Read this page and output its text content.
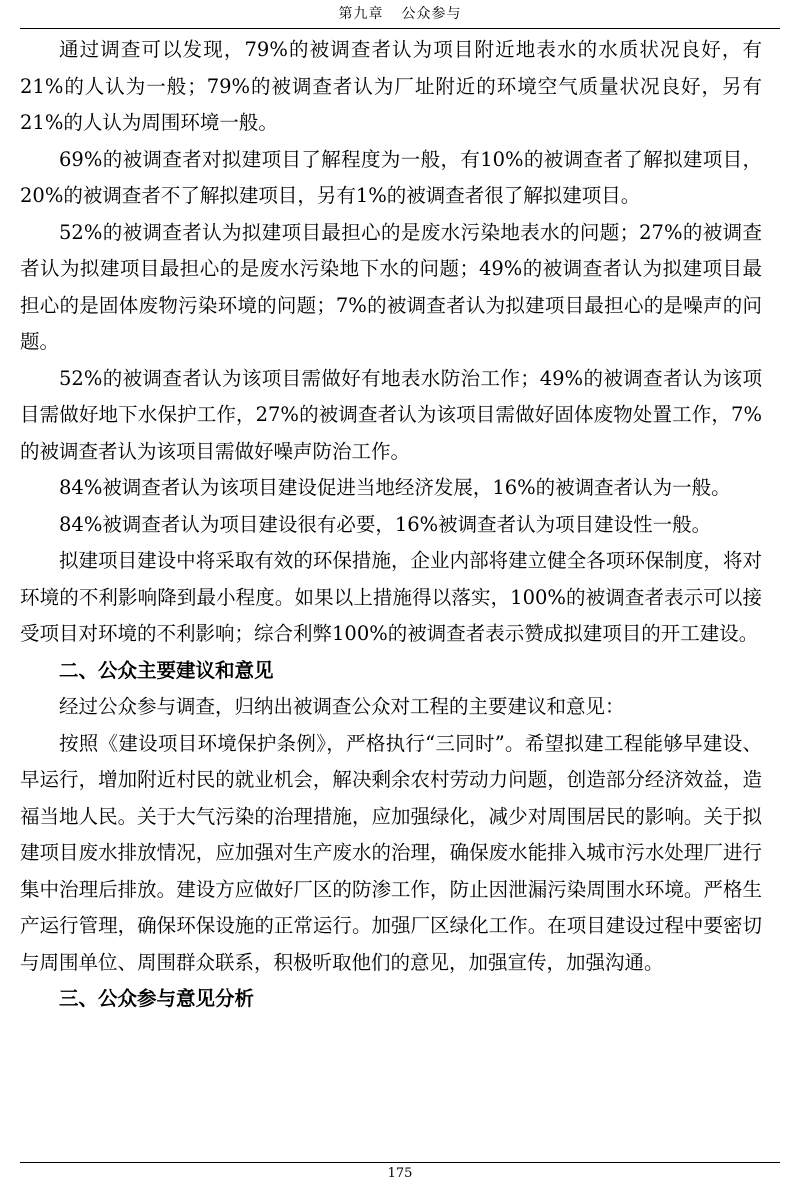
第九章 公众参与

通过调查可以发现，79%的被调查者认为项目附近地表水的水质状况良好，有21%的人认为一般；79%的被调查者认为厂址附近的环境空气质量状况良好，另有21%的人认为周围环境一般。

69%的被调查者对拟建项目了解程度为一般，有10%的被调查者了解拟建项目，20%的被调查者不了解拟建项目，另有1%的被调查者很了解拟建项目。

52%的被调查者认为拟建项目最担心的是废水污染地表水的问题；27%的被调查者认为拟建项目最担心的是废水污染地下水的问题；49%的被调查者认为拟建项目最担心的是固体废物污染环境的问题；7%的被调查者认为拟建项目最担心的是噪声的问题。

52%的被调查者认为该项目需做好有地表水防治工作；49%的被调查者认为该项目需做好地下水保护工作，27%的被调查者认为该项目需做好固体废物处置工作，7%的被调查者认为该项目需做好噪声防治工作。

84%被调查者认为该项目建设促进当地经济发展，16%的被调查者认为一般。

84%被调查者认为项目建设很有必要，16%被调查者认为项目建设性一般。

拟建项目建设中将采取有效的环保措施，企业内部将建立健全各项环保制度，将对环境的不利影响降到最小程度。如果以上措施得以落实，100%的被调查者表示可以接受项目对环境的不利影响；综合利弊100%的被调查者表示赞成拟建项目的开工建设。

二、公众主要建议和意见

经过公众参与调查，归纳出被调查公众对工程的主要建议和意见：

按照《建设项目环境保护条例》，严格执行“三同时”。希望拟建工程能够早建设、早运行，增加附近村民的就业机会，解决剩余农村劳动力问题，创造部分经济效益，造福当地人民。关于大气污染的治理措施，应加强绿化，减少对周围居民的影响。关于拟建项目废水排放情况，应加强对生产废水的治理，确保废水能排入城市污水处理厂进行集中治理后排放。建设方应做好厂区的防渗工作，防止因泄漏污染周围水环境。严格生产运行管理，确保环保设施的正常运行。加强厂区绿化工作。在项目建设过程中要密切与周围单位、周围群众联系，积极听取他们的意见，加强宣传，加强沟通。

三、公众参与意见分析

175
